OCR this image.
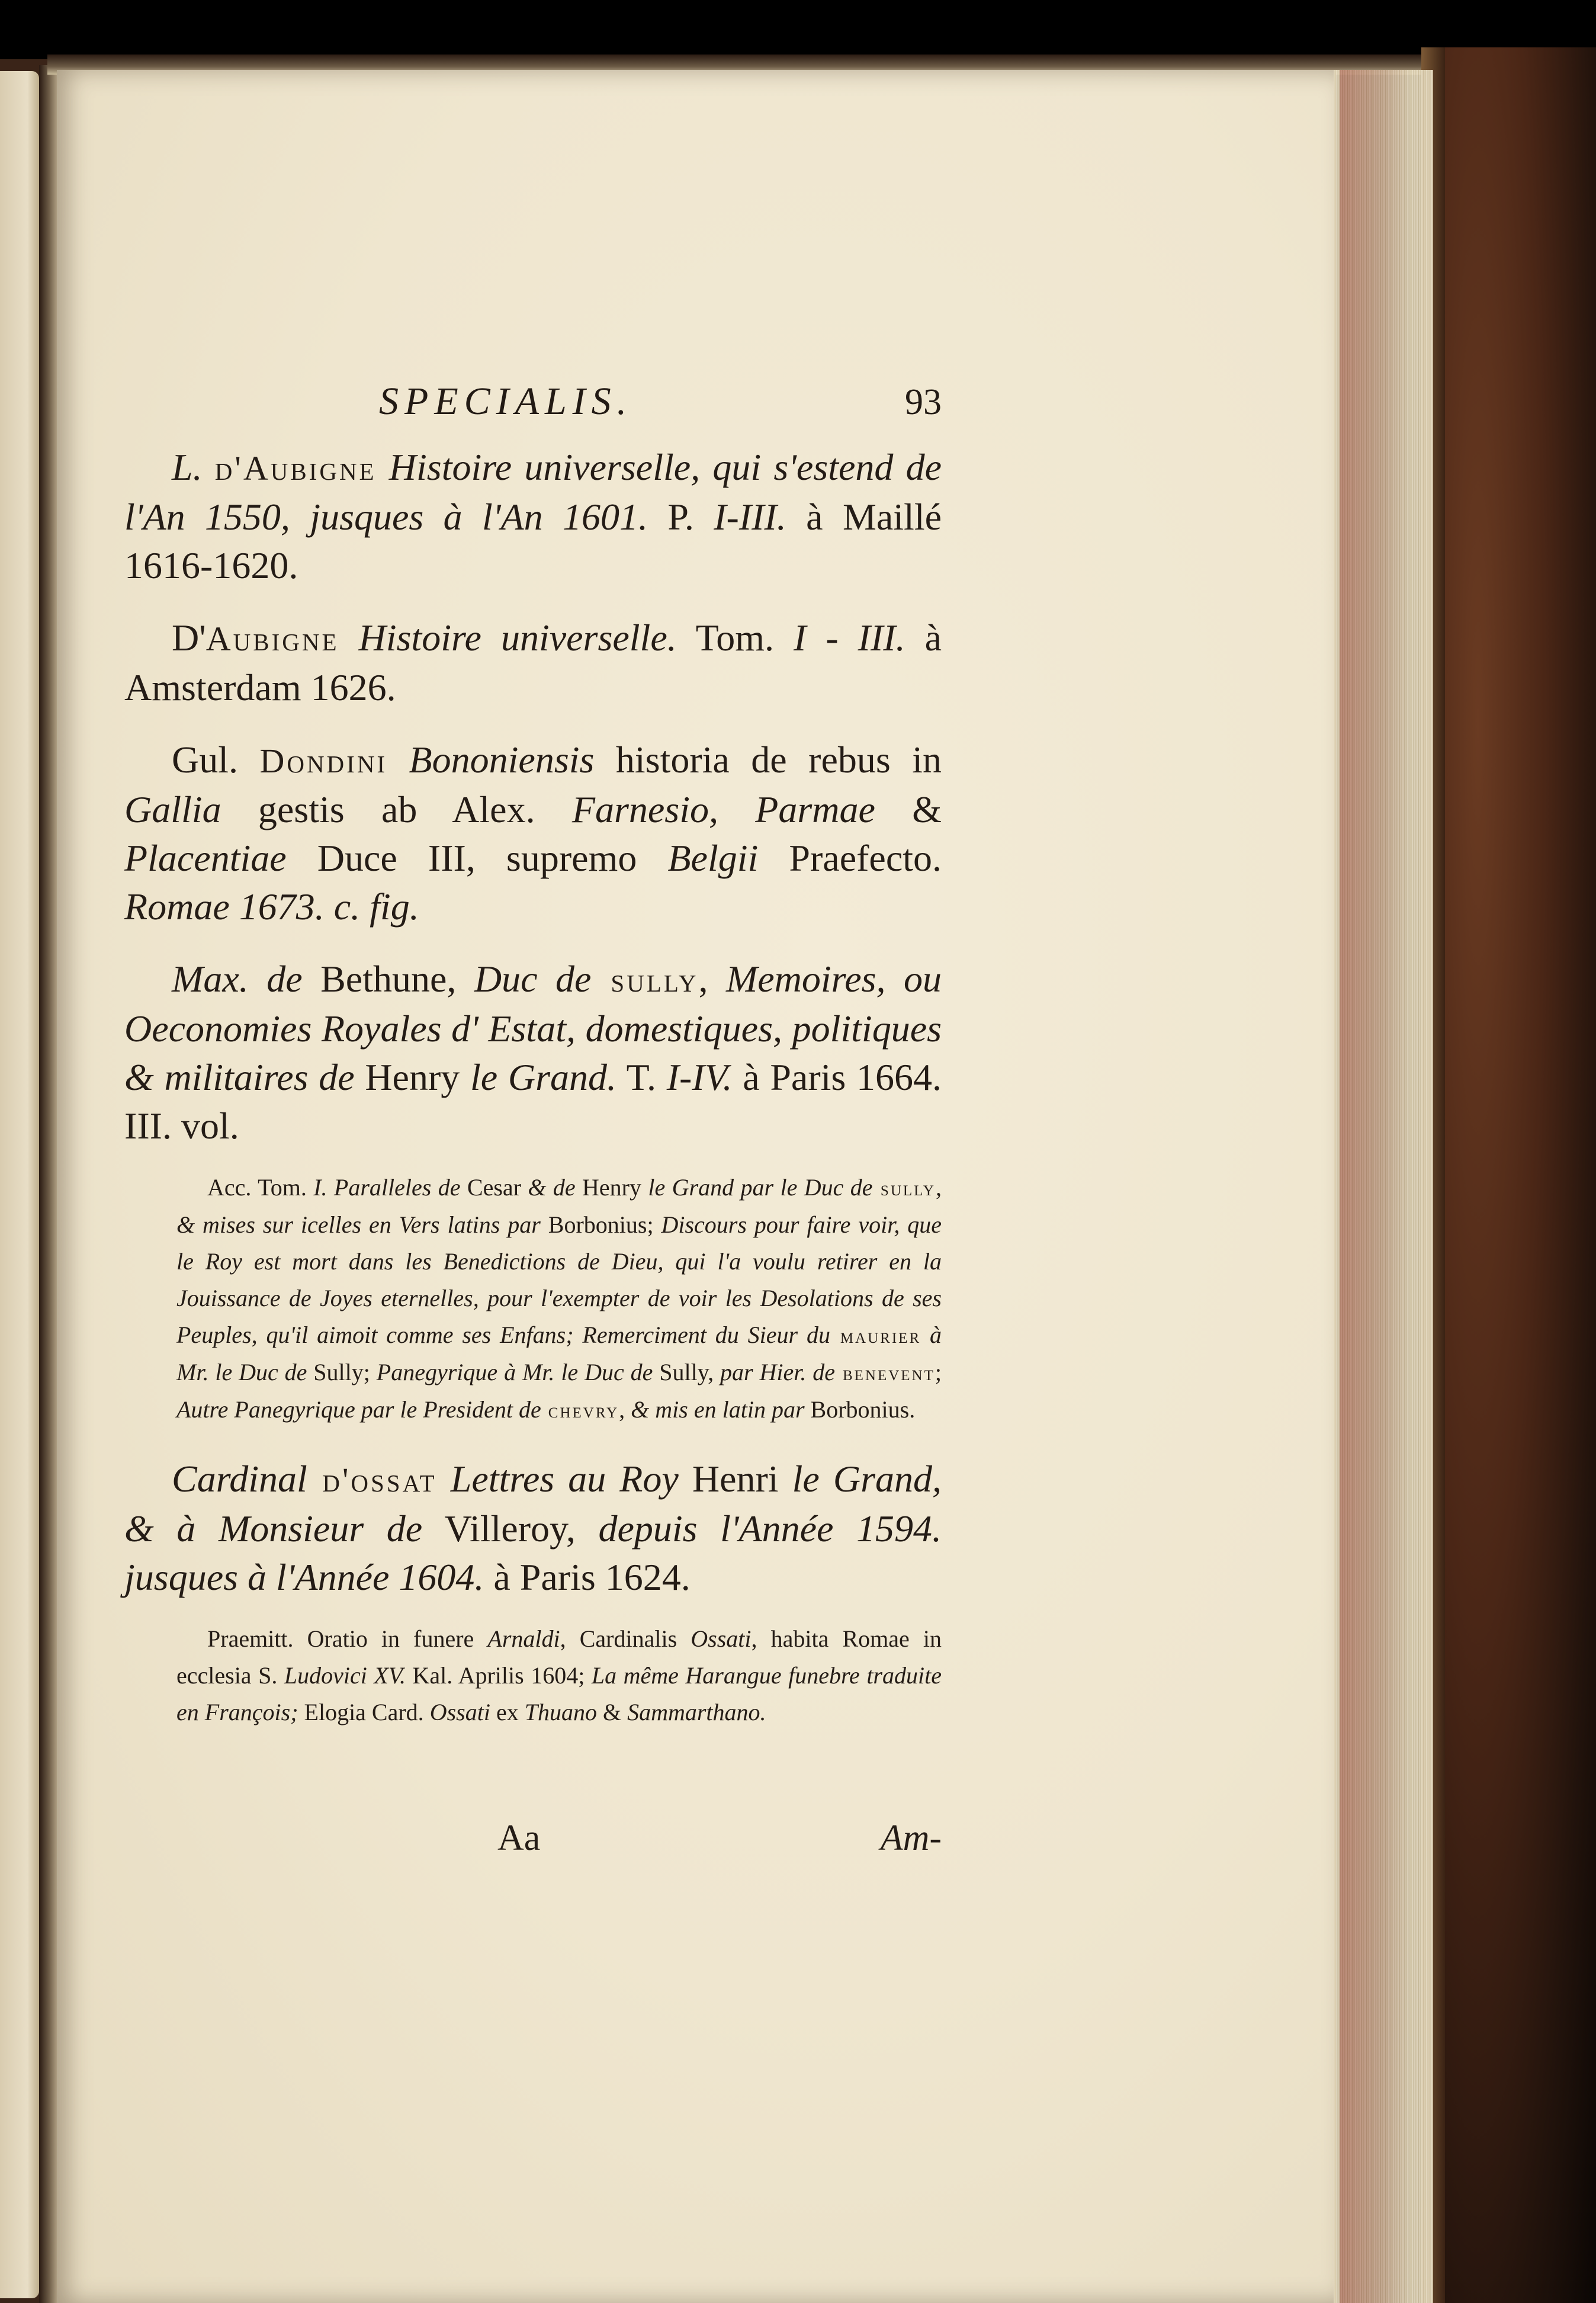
SPECIALIS.	93

L. d'Aubigne Histoire universelle, qui s'estend de l'An 1550, jusques à l'An 1601. P. I-III. à Maillé 1616-1620.

D'Aubigne Histoire universelle. Tom. I - III. à Amsterdam 1626.

Gul. Dondini Bononiensis historia de rebus in Gallia gestis ab Alex. Farnesio, Parmae & Placentiae Duce III, supremo Belgii Praefecto. Romae 1673. c. fig.

Max. de Bethune, Duc de sully, Memoires, ou Oeconomies Royales d' Estat, domestiques, politiques & militaires de Henry le Grand. T. I-IV. à Paris 1664. III. vol.

Acc. Tom. I. Paralleles de Cesar & de Henry le Grand par le Duc de sully, & mises sur icelles en Vers latins par Borbonius; Discours pour faire voir, que le Roy est mort dans les Benedictions de Dieu, qui l'a voulu retirer en la Jouissance de Joyes eternelles, pour l'exempter de voir les Desolations de ses Peuples, qu'il aimoit comme ses Enfans; Remerciment du Sieur du maurier à Mr. le Duc de Sully; Panegyrique à Mr. le Duc de Sully, par Hier. de benevent; Autre Panegyrique par le President de chevry, & mis en latin par Borbonius.

Cardinal d'ossat Lettres au Roy Henri le Grand, & à Monsieur de Villeroy, depuis l'Année 1594. jusques à l'Année 1604. à Paris 1624.

Praemitt. Oratio in funere Arnaldi, Cardinalis Ossati, habita Romae in ecclesia S. Ludovici XV. Kal. Aprilis 1604; La même Harangue funebre traduite en François; Elogia Card. Ossati ex Thuano & Sammarthano.

Aa	Am-
